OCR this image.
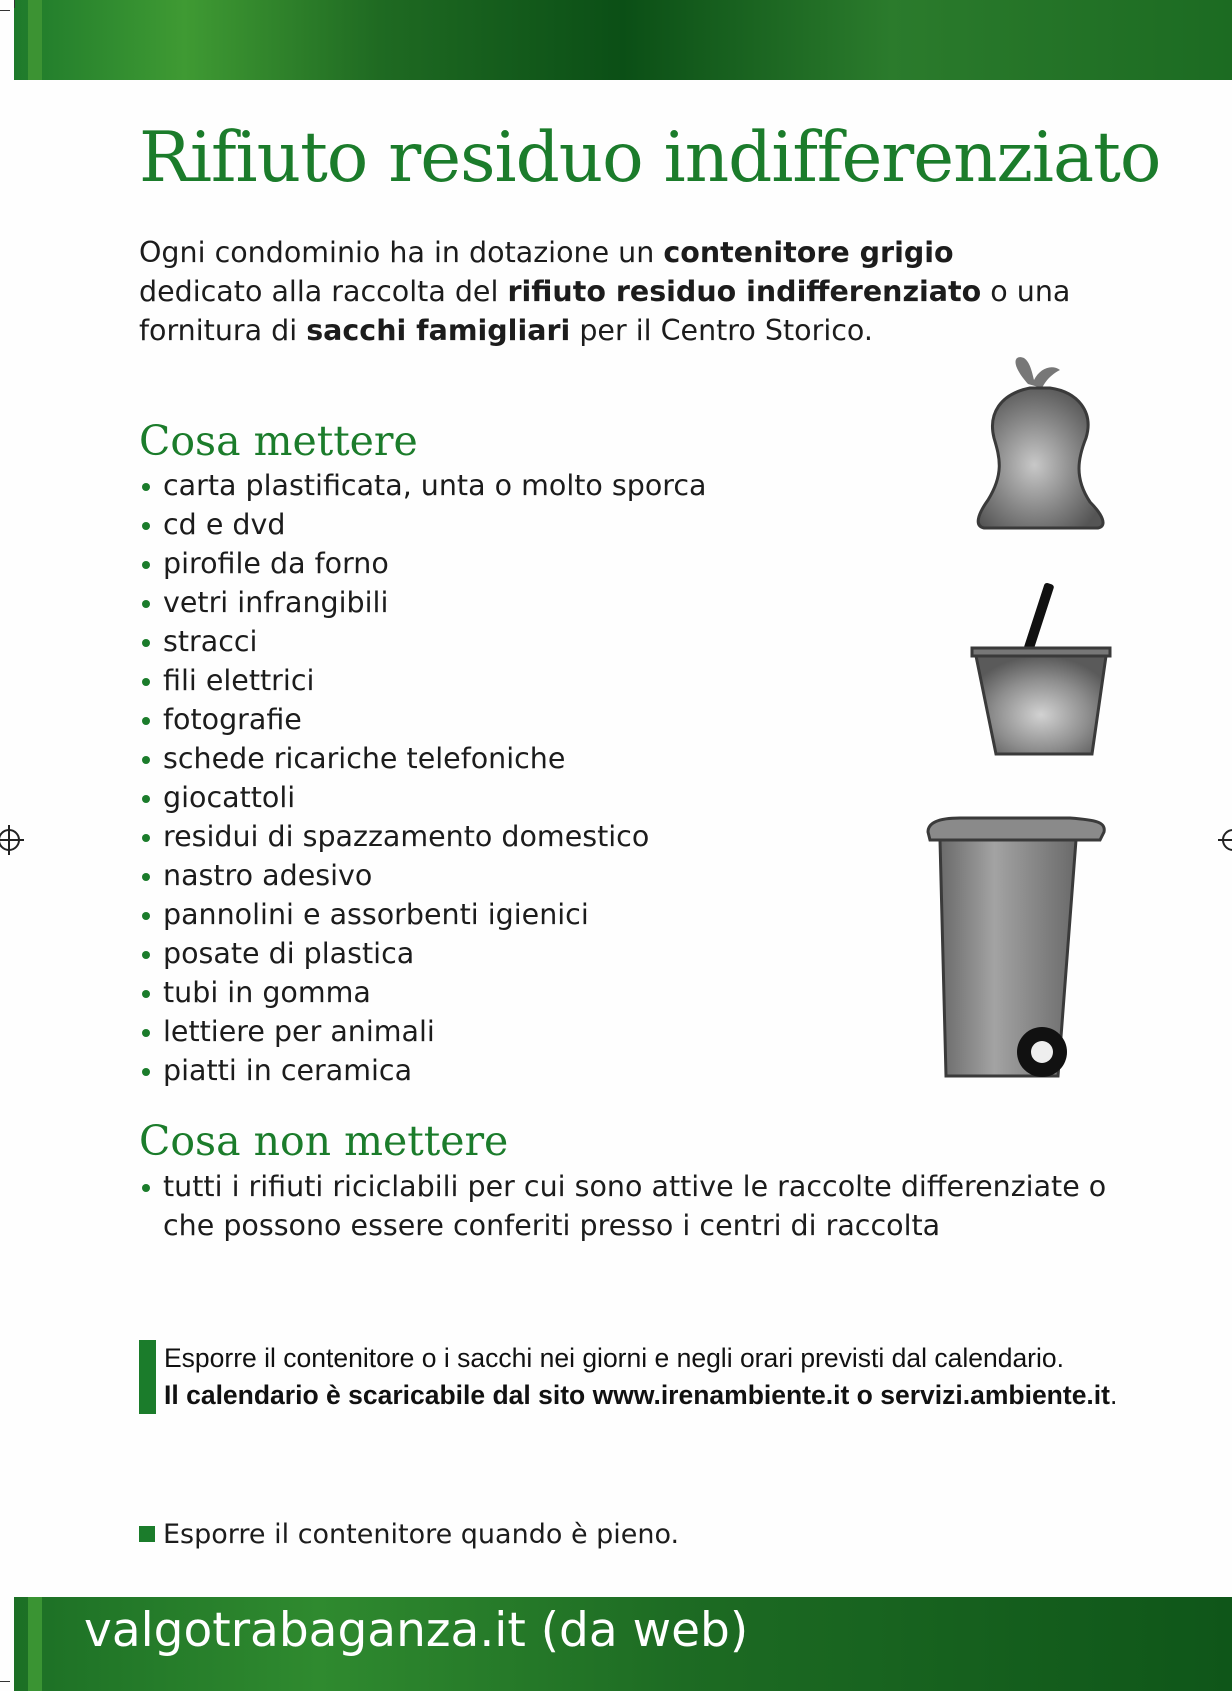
Rifiuto residuo indifferenziato

Ogni condominio ha in dotazione un contenitore grigio dedicato alla raccolta del rifiuto residuo indifferenziato o una fornitura di sacchi famigliari per il Centro Storico.

Cosa mettere
carta plastificata, unta o molto sporca
cd e dvd
pirofile da forno
vetri infrangibili
stracci
fili elettrici
fotografie
schede ricariche telefoniche
giocattoli
residui di spazzamento domestico
nastro adesivo
pannolini e assorbenti igienici
posate di plastica
tubi in gomma
lettiere per animali
piatti in ceramica
Cosa non mettere
tutti i rifiuti riciclabili per cui sono attive le raccolte differenziate o che possono essere conferiti presso i centri di raccolta
Esporre il contenitore o i sacchi nei giorni e negli orari previsti dal calendario.
Il calendario è scaricabile dal sito www.irenambiente.it o servizi.ambiente.it.
Esporre il contenitore quando è pieno.
valgotrabaganza.it (da web)
